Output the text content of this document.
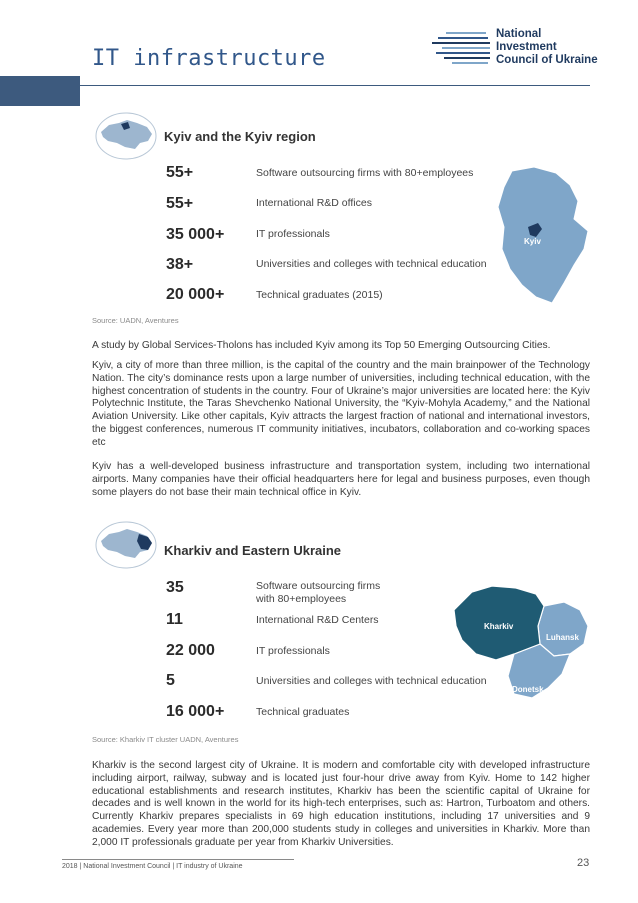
IT infrastructure
National
Investment
Council of Ukraine
Kyiv and the Kyiv region
55+	Software outsourcing firms with 80+employees
55+	International R&D offices
35 000+	IT professionals
38+	Universities and colleges with technical education
20 000+	Technical graduates (2015)
Kyiv
Source: UADN, Aventures

A study by Global Services-Tholons has included Kyiv among its Top 50 Emerging Outsourcing Cities.

Kyiv, a city of more than three million, is the capital of the country and the main brainpower of the Technology Nation. The city’s dominance rests upon a large number of universities, including technical education, with the highest concentration of students in the country. Four of Ukraine’s major universities are located here: the Kyiv Polytechnic Institute, the Taras Shevchenko National University, the “Kyiv-Mohyla Academy,” and the National Aviation University. Like other capitals, Kyiv attracts the largest fraction of national and international investors, the biggest conferences, numerous IT community initiatives, incubators, collaboration and co-working spaces etc

Kyiv has a well-developed business infrastructure and transportation system, including two international airports. Many companies have their official headquarters here for legal and business purposes, even though some players do not base their main technical office in Kyiv.

Kharkiv and Eastern Ukraine
35	Software outsourcing firms with 80+employees
11	International R&D Centers
22 000	IT professionals
5	Universities and colleges with technical education
16 000+	Technical graduates
Kharkiv
Luhansk
Donetsk
Source: Kharkiv IT cluster UADN, Aventures

Kharkiv is the second largest city of Ukraine. It is modern and comfortable city with developed infrastructure including airport, railway, subway and is located just four-hour drive away from Kyiv. Home to 142 higher educational establishments and research institutes, Kharkiv has been the scientific capital of Ukraine for decades and is well known in the world for its high-tech enterprises, such as: Hartron, Turboatom and others. Currently Kharkiv prepares specialists in 69 high education institutions, including 17 universities and 9 academies. Every year more than 200,000 students study in colleges and universities in Kharkiv. More than 2,000 IT professionals graduate per year from Kharkiv Universities.

2018 | National Investment Council | IT industry of Ukraine	23
